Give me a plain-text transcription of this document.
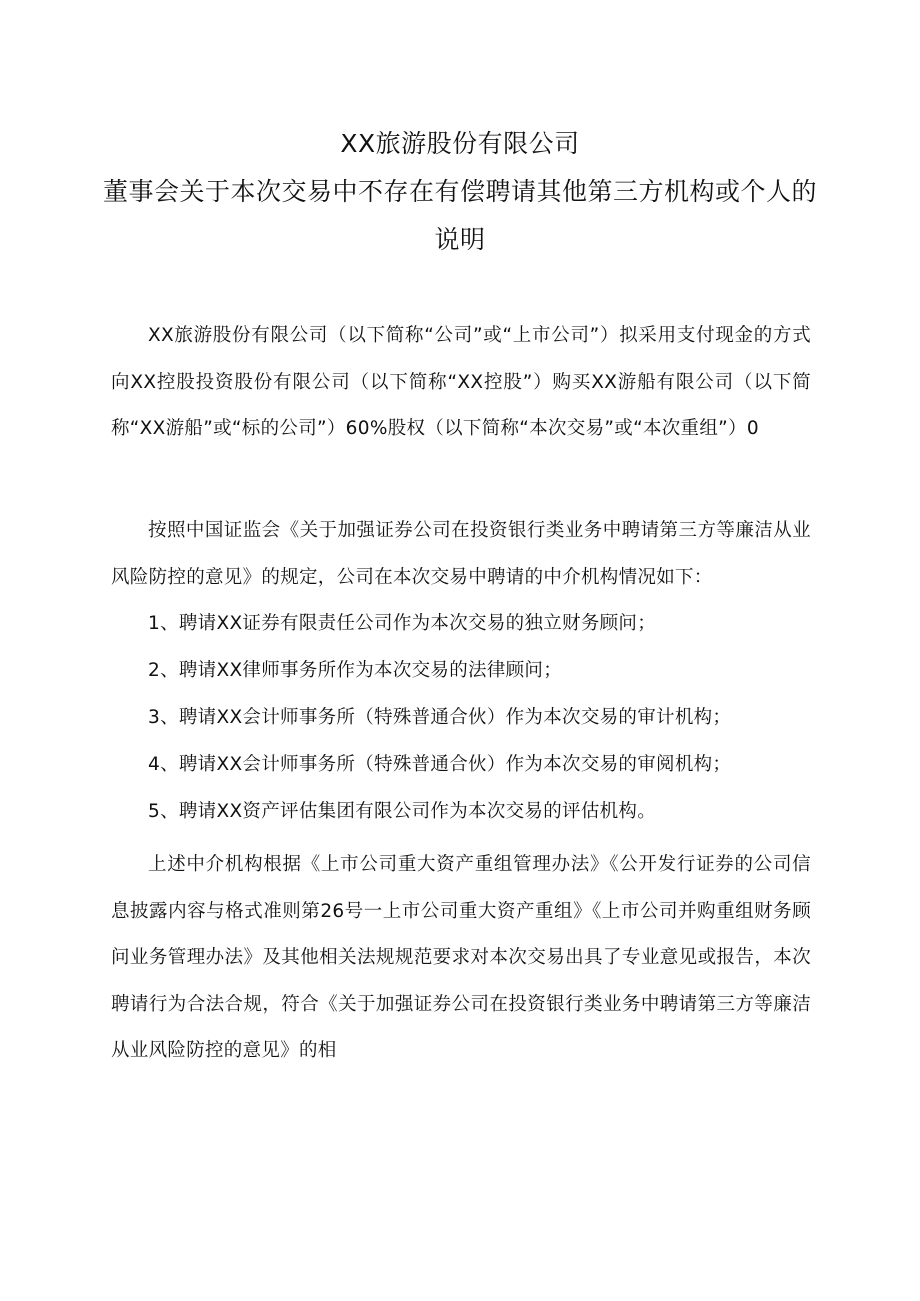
XX旅游股份有限公司
董事会关于本次交易中不存在有偿聘请其他第三方机构或个人的
说明

XX旅游股份有限公司（以下简称“公司”或“上市公司”）拟采用支付现金的方式向XX控股投资股份有限公司（以下简称“XX控股”）购买XX游船有限公司（以下简称“XX游船”或“标的公司”）60%股权（以下简称“本次交易”或“本次重组”）0

按照中国证监会《关于加强证券公司在投资银行类业务中聘请第三方等廉洁从业风险防控的意见》的规定，公司在本次交易中聘请的中介机构情况如下：

1、聘请XX证券有限责任公司作为本次交易的独立财务顾问；

2、聘请XX律师事务所作为本次交易的法律顾问；

3、聘请XX会计师事务所（特殊普通合伙）作为本次交易的审计机构；

4、聘请XX会计师事务所（特殊普通合伙）作为本次交易的审阅机构；

5、聘请XX资产评估集团有限公司作为本次交易的评估机构。

上述中介机构根据《上市公司重大资产重组管理办法》《公开发行证券的公司信息披露内容与格式准则第26号一上市公司重大资产重组》《上市公司并购重组财务顾问业务管理办法》及其他相关法规规范要求对本次交易出具了专业意见或报告，本次聘请行为合法合规，符合《关于加强证券公司在投资银行类业务中聘请第三方等廉洁从业风险防控的意见》的相
